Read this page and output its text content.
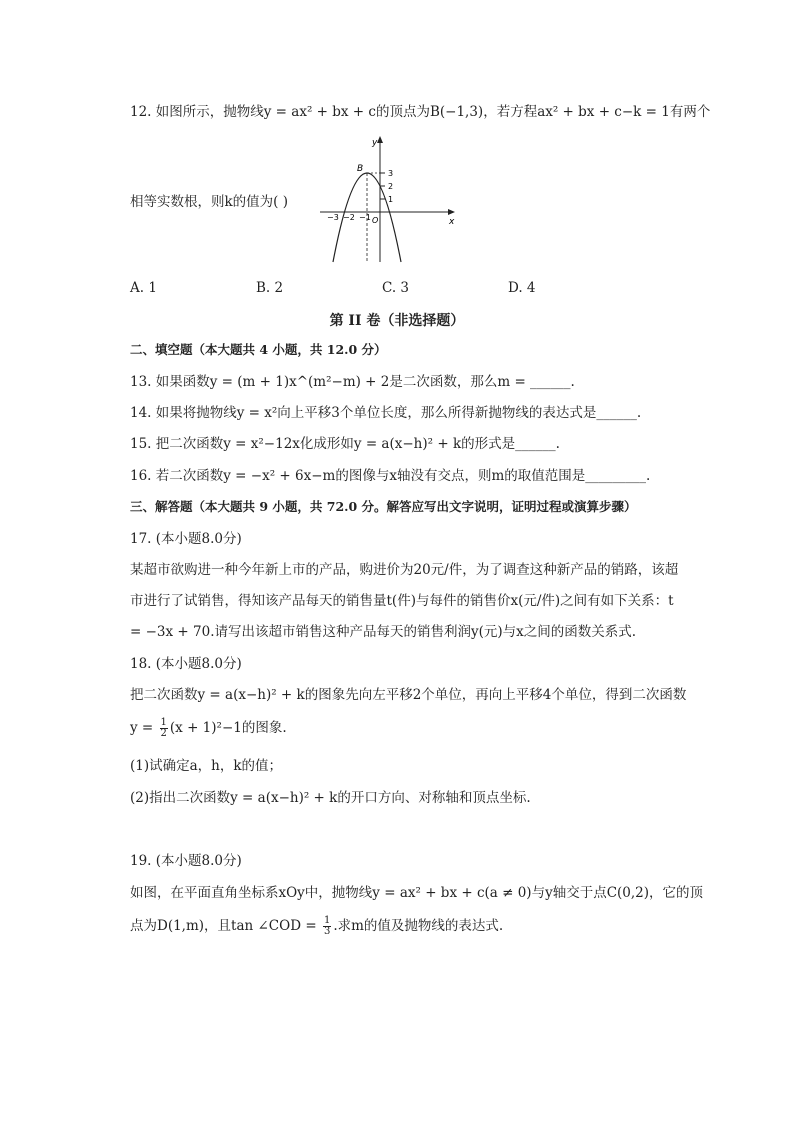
12. 如图所示，抛物线y = ax² + bx + c的顶点为B(−1,3)，若方程ax² + bx + c−k = 1有两个
y
x
O
3
2
1
−3 −2 −1
B
相等实数根，则k的值为( )
A. 1	B. 2	C. 3	D. 4
第 II 卷（非选择题）
二、填空题（本大题共 4 小题，共 12.0 分）
13. 如果函数y = (m + 1)x^(m²−m) + 2是二次函数，那么m = ______.
14. 如果将抛物线y = x²向上平移3个单位长度，那么所得新抛物线的表达式是______.
15. 把二次函数y = x²−12x化成形如y = a(x−h)² + k的形式是______.
16. 若二次函数y = −x² + 6x−m的图像与x轴没有交点，则m的取值范围是_________.
三、解答题（本大题共 9 小题，共 72.0 分。解答应写出文字说明，证明过程或演算步骤）
17. (本小题8.0分)
某超市欲购进一种今年新上市的产品，购进价为20元/件，为了调查这种新产品的销路，该超
市进行了试销售，得知该产品每天的销售量t(件)与每件的销售价x(元/件)之间有如下关系：t
= −3x + 70.请写出该超市销售这种产品每天的销售利润y(元)与x之间的函数关系式.
18. (本小题8.0分)
把二次函数y = a(x−h)² + k的图象先向左平移2个单位，再向上平移4个单位，得到二次函数
$y = \frac{1}{2} (x + 1)^2-1$的图象.
(1)试确定a，h，k的值；
(2)指出二次函数y = a(x−h)² + k的开口方向、对称轴和顶点坐标.
19. (本小题8.0分)
如图，在平面直角坐标系xOy中，抛物线y = ax² + bx + c(a ≠ 0)与y轴交于点C(0,2)，它的顶
点为D(1,m)，且tan ∠COD = $\frac{1}{3}$ .求m的值及抛物线的表达式.
